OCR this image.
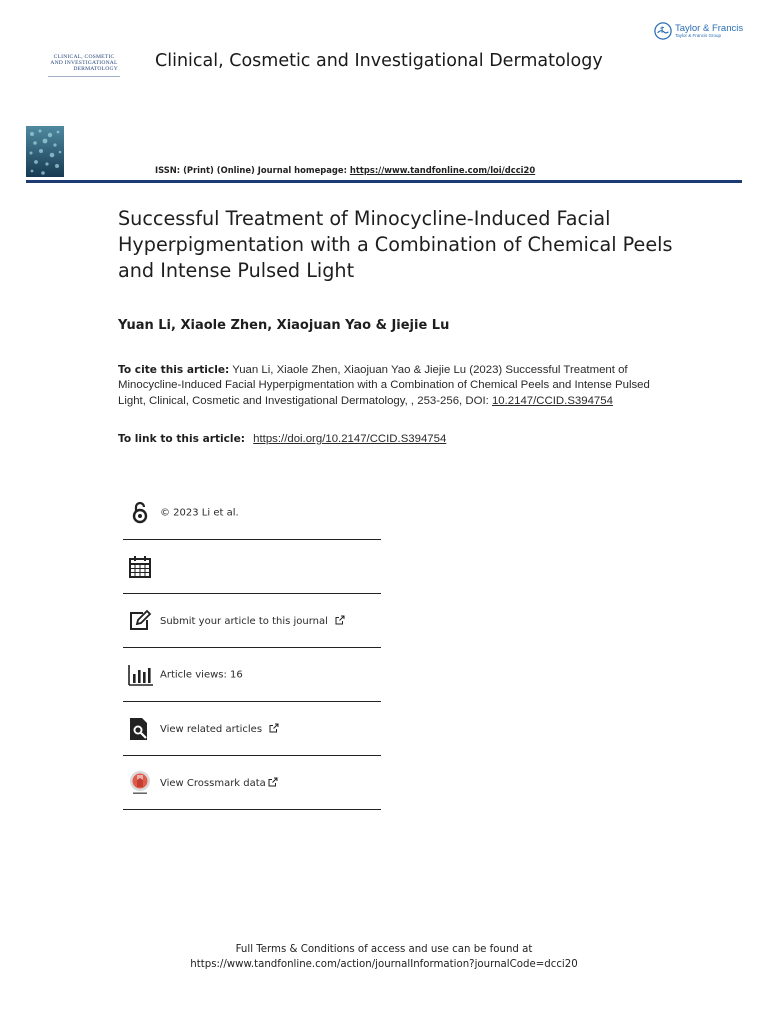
Taylor & Francis
Taylor & Francis Group
CLINICAL, COSMETIC
AND INVESTIGATIONAL
DERMATOLOGY	Clinical, Cosmetic and Investigational Dermatology
ISSN: (Print) (Online) Journal homepage: https://www.tandfonline.com/loi/dcci20
Successful Treatment of Minocycline-Induced Facial Hyperpigmentation with a Combination of Chemical Peels and Intense Pulsed Light
Yuan Li, Xiaole Zhen, Xiaojuan Yao & Jiejie Lu
To cite this article: Yuan Li, Xiaole Zhen, Xiaojuan Yao & Jiejie Lu (2023) Successful Treatment of Minocycline-Induced Facial Hyperpigmentation with a Combination of Chemical Peels and Intense Pulsed Light, Clinical, Cosmetic and Investigational Dermatology, , 253-256, DOI: 10.2147/CCID.S394754
To link to this article: https://doi.org/10.2147/CCID.S394754
© 2023 Li et al.
Submit your article to this journal
Article views: 16
View related articles
View Crossmark data
Full Terms & Conditions of access and use can be found at
https://www.tandfonline.com/action/journalInformation?journalCode=dcci20
